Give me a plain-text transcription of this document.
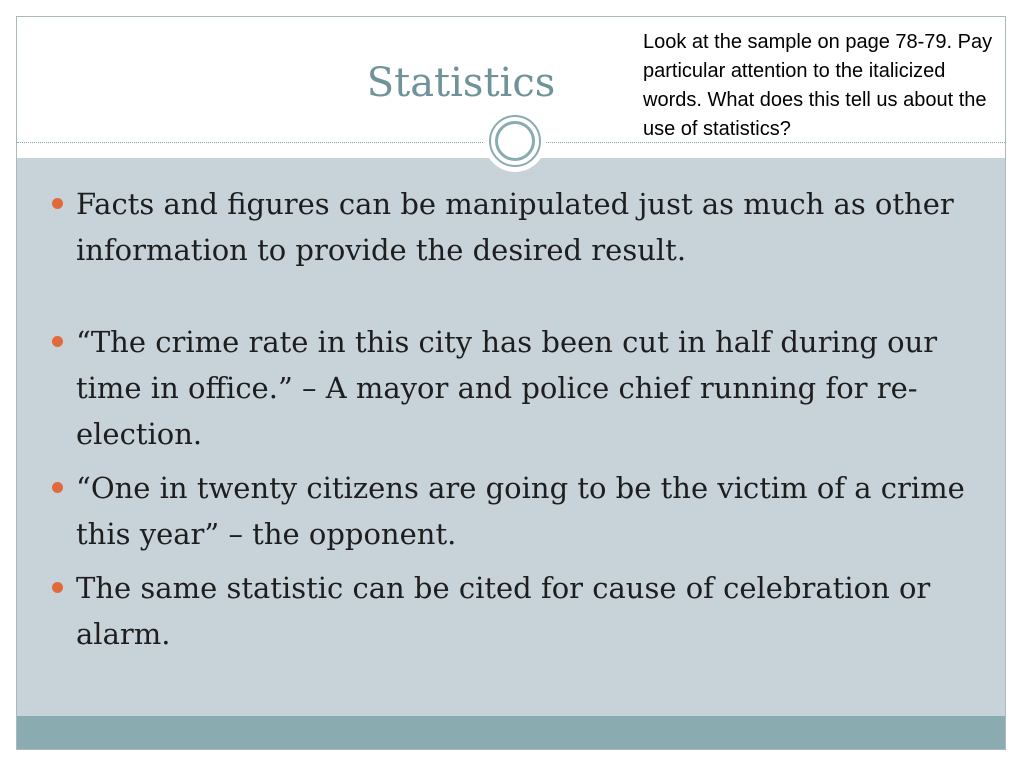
Statistics
Look at the sample on page 78-79. Pay particular attention to the italicized words. What does this tell us about the use of statistics?
Facts and figures can be manipulated just as much as other information to provide the desired result.
“The crime rate in this city has been cut in half during our time in office.” – A mayor and police chief running for re-election.
“One in twenty citizens are going to be the victim of a crime this year” – the opponent.
The same statistic can be cited for cause of celebration or alarm.
